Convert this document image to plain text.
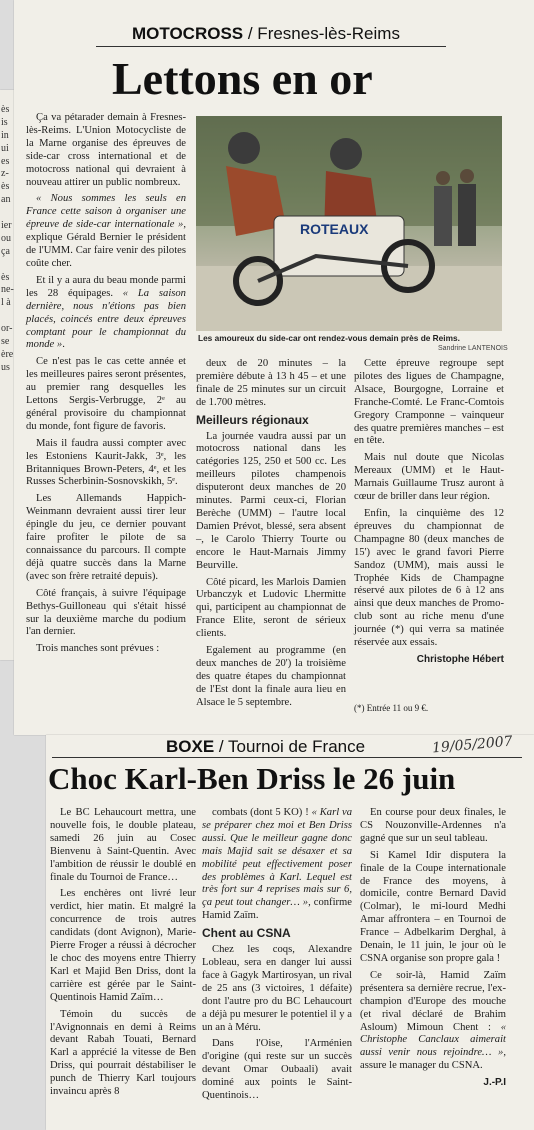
ès
is
in
ui
es
z-
ès
an
ier
ou
ça
ès
ne-
l à
or-
se
ère
us
MOTOCROSS / Fresnes-lès-Reims
Lettons en or

Ça va pétarader demain à Fresnes-lès-Reims. L'Union Motocycliste de la Marne organise des épreuves de side-car cross international et de motocross national qui devraient à nouveau attirer un public nombreux.

« Nous sommes les seuls en France cette saison à organiser une épreuve de side-car internationale », explique Gérald Bernier le président de l'UMM. Car faire venir des pilotes coûte cher.

Et il y a aura du beau monde parmi les 28 équipages. « La saison dernière, nous n'étions pas bien placés, coincés entre deux épreuves comptant pour le championnat du monde ».

Ce n'est pas le cas cette année et les meilleures paires seront présentes, au premier rang desquelles les Lettons Sergis-Verbrugge, 2ᵉ au général provisoire du championnat du monde, font figure de favoris.

Mais il faudra aussi compter avec les Estoniens Kaurit-Jakk, 3ᵉ, les Britanniques Brown-Peters, 4ᵉ, et les Russes Scherbinin-Sosnovskikh, 5ᵉ.

Les Allemands Happich-Weinmann devraient aussi tirer leur épingle du jeu, ce dernier pouvant faire profiter le pilote de sa connaissance du parcours. Il compte déjà quatre succès dans la Marne (avec son frère retraité depuis).

Côté français, à suivre l'équipage Bethys-Guilloneau qui s'était hissé sur la deuxième marche du podium l'an dernier.

Trois manches sont prévues :

ROTEAUX
Les amoureux du side-car ont rendez-vous demain près de Reims.
Sandrine LANTENOIS

deux de 20 minutes – la première débute à 13 h 45 – et une finale de 25 minutes sur un circuit de 1.700 mètres.

Meilleurs régionaux

La journée vaudra aussi par un motocross national dans les catégories 125, 250 et 500 cc. Les meilleurs pilotes champenois disputeront deux manches de 20 minutes. Parmi ceux-ci, Florian Berèche (UMM) – l'autre local Damien Prévot, blessé, sera absent –, le Carolo Thierry Tourte ou encore le Haut-Marnais Jimmy Beurville.

Côté picard, les Marlois Damien Urbanczyk et Ludovic Lhermitte qui, participent au championnat de France Elite, seront de sérieux clients.

Egalement au programme (en deux manches de 20') la troisième des quatre étapes du championnat de l'Est dont la finale aura lieu en Alsace le 5 septembre.

Cette épreuve regroupe sept pilotes des ligues de Champagne, Alsace, Bourgogne, Lorraine et Franche-Comté. Le Franc-Comtois Gregory Cramponne – vainqueur des quatre premières manches – est en tête.

Mais nul doute que Nicolas Mereaux (UMM) et le Haut-Marnais Guillaume Trusz auront à cœur de briller dans leur région.

Enfin, la cinquième des 12 épreuves du championnat de Champagne 80 (deux manches de 15') avec le grand favori Pierre Sandoz (UMM), mais aussi le Trophée Kids de Champagne réservé aux pilotes de 6 à 12 ans ainsi que deux manches de Promo-club sont au riche menu d'une journée (*) qui verra sa matinée réservée aux essais.

Christophe Hébert

(*) Entrée 11 ou 9 €.
BOXE / Tournoi de France	19/05/2007
Choc Karl-Ben Driss le 26 juin

Le BC Lehaucourt mettra, une nouvelle fois, le double plateau, samedi 26 juin au Cosec Bienvenu à Saint-Quentin. Avec l'ambition de réussir le doublé en finale du Tournoi de France…

Les enchères ont livré leur verdict, hier matin. Et malgré la concurrence de trois autres candidats (dont Avignon), Marie-Pierre Froger a réussi à décrocher le choc des moyens entre Thierry Karl et Majid Ben Driss, dont la carrière est gérée par le Saint-Quentinois Hamid Zaïm…

Témoin du succès de l'Avignonnais en demi à Reims devant Rabah Touati, Bernard Karl a apprécié la vitesse de Ben Driss, qui pourrait déstabiliser le punch de Thierry Karl toujours invaincu après 8

combats (dont 5 KO) ! « Karl va se préparer chez moi et Ben Driss aussi. Que le meilleur gagne donc mais Majid sait se désaxer et sa mobilité peut effectivement poser des problèmes à Karl. Lequel est très fort sur 4 reprises mais sur 6, ça peut tout changer… », confirme Hamid Zaïm.

Chent au CSNA

Chez les coqs, Alexandre Lobleau, sera en danger lui aussi face à Gagyk Martirosyan, un rival de 25 ans (3 victoires, 1 défaite) dont l'autre pro du BC Lehaucourt a déjà pu mesurer le potentiel il y a un an à Méru.

Dans l'Oise, l'Arménien d'origine (qui reste sur un succès devant Omar Oubaali) avait dominé aux points le Saint-Quentinois…

En course pour deux finales, le CS Nouzonville-Ardennes n'a gagné que sur un seul tableau.

Si Kamel Idir disputera la finale de la Coupe internationale de France des moyens, à domicile, contre Bernard David (Colmar), le mi-lourd Medhi Amar affrontera – en Tournoi de France – Adbelkarim Derghal, à Denain, le 11 juin, le jour où le CSNA organise son propre gala !

Ce soir-là, Hamid Zaïm présentera sa dernière recrue, l'ex-champion d'Europe des mouche (et rival déclaré de Brahim Asloum) Mimoun Chent : « Christophe Canclaux aimerait aussi venir nous rejoindre… », assure le manager du CSNA.

J.-P.I
